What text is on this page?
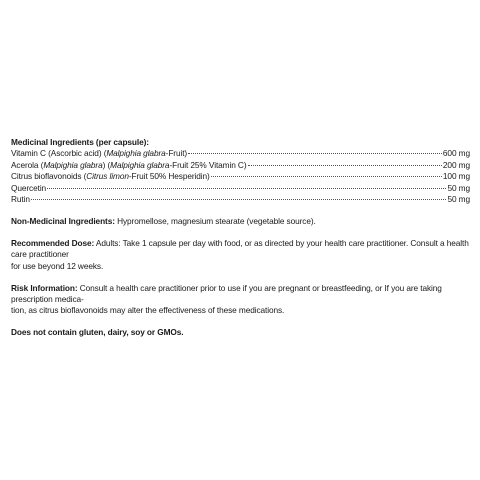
Medicinal Ingredients (per capsule):
Vitamin C (Ascorbic acid) (Malpighia glabra-Fruit)	600 mg
Acerola (Malpighia glabra) (Malpighia glabra-Fruit 25% Vitamin C)	200 mg
Citrus bioflavonoids (Citrus limon-Fruit 50% Hesperidin)	100 mg
Quercetin	50 mg
Rutin	50 mg
Non-Medicinal Ingredients: Hypromellose, magnesium stearate (vegetable source).
Recommended Dose: Adults: Take 1 capsule per day with food, or as directed by your health care practitioner. Consult a health care practitioner
for use beyond 12 weeks.
Risk Information: Consult a health care practitioner prior to use if you are pregnant or breastfeeding, or If you are taking prescription medica-
tion, as citrus bioflavonoids may alter the effectiveness of these medications.
Does not contain gluten, dairy, soy or GMOs.
